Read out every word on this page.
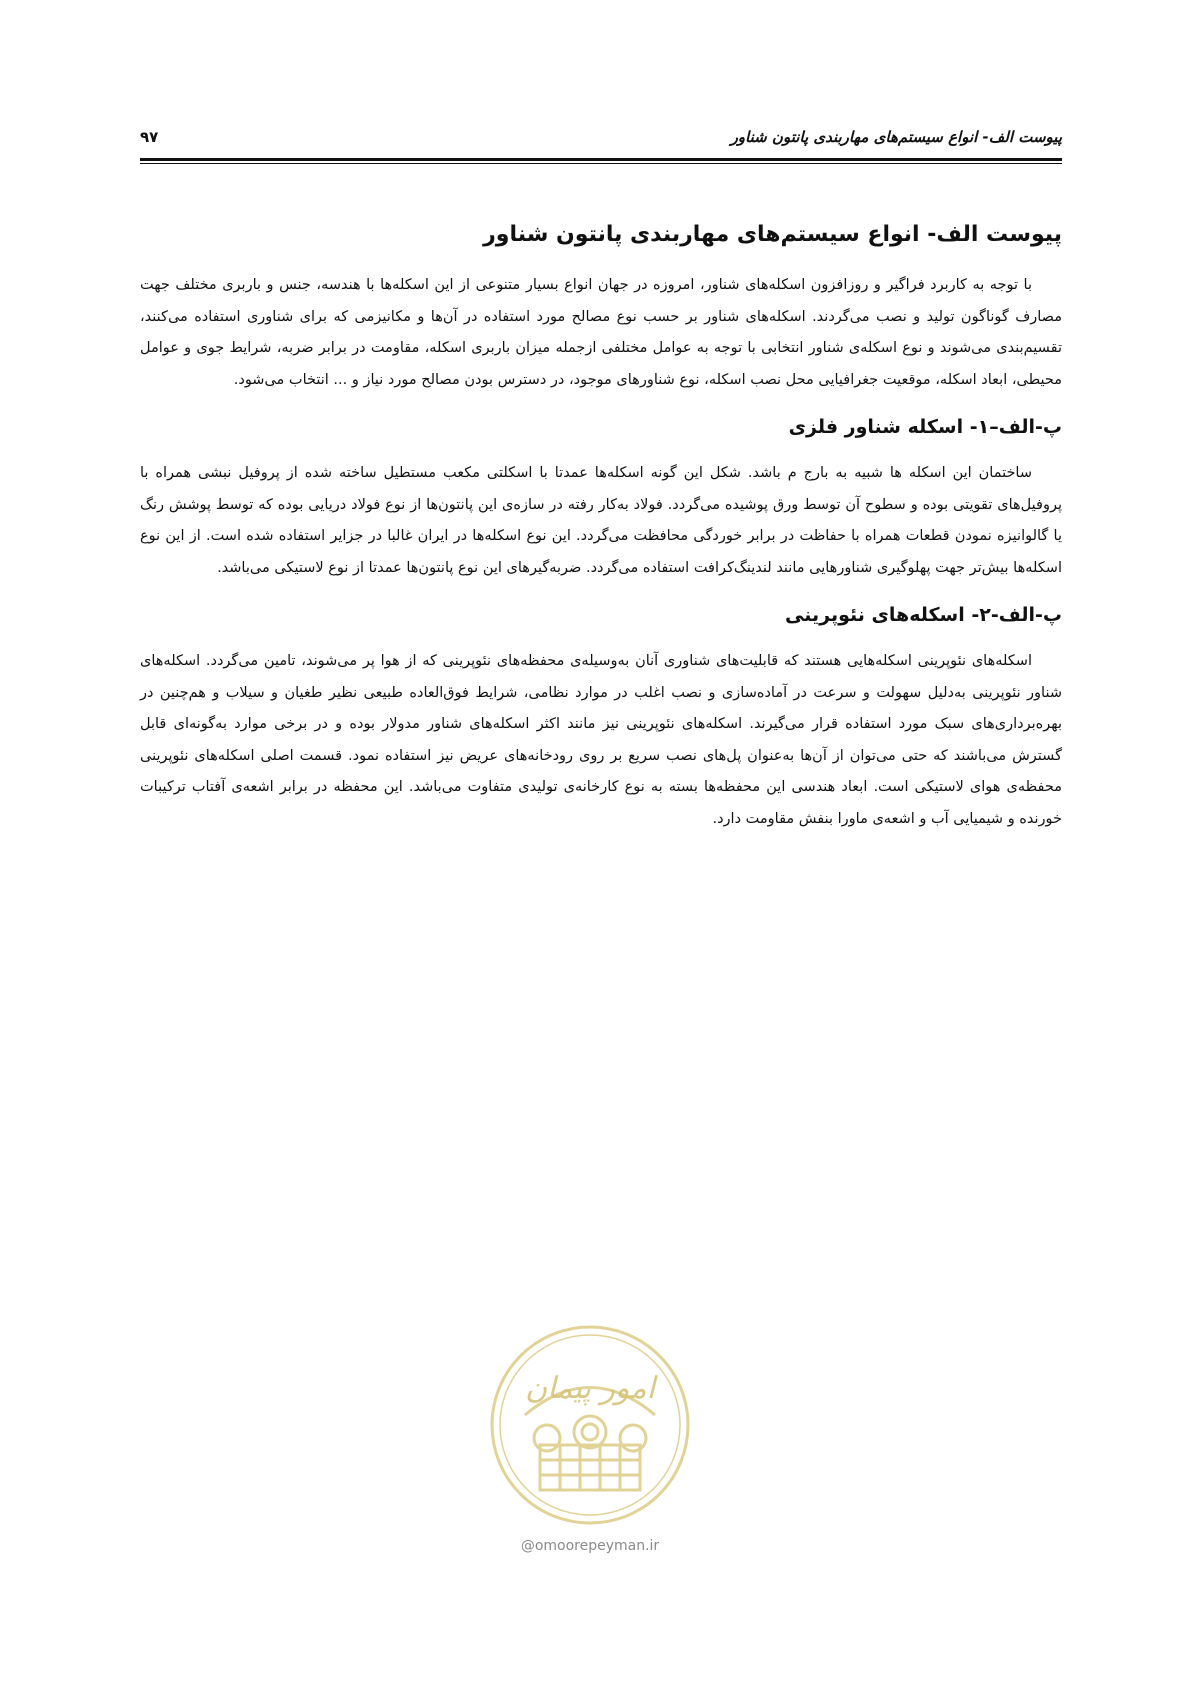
پیوست الف- انواع سیستم‌های مهاربندی پانتون شناور
۹۷
پیوست الف- انواع سیستم‌های مهاربندی پانتون شناور

با توجه به کاربرد فراگیر و روزافزون اسکله‌های شناور، امروزه در جهان انواع بسیار متنوعی از این اسکله‌ها با هندسه، جنس و باربری مختلف جهت مصارف گوناگون تولید و نصب می‌گردند. اسکله‌های شناور بر حسب نوع مصالح مورد استفاده در آن‌ها و مکانیزمی که برای شناوری استفاده می‌کنند، تقسیم‌بندی می‌شوند و نوع اسکله‌ی شناور انتخابی با توجه به عوامل مختلفی ازجمله میزان باربری اسکله، مقاومت در برابر ضربه، شرایط جوی و عوامل محیطی، ابعاد اسکله، موقعیت جغرافیایی محل نصب اسکله، نوع شناورهای موجود، در دسترس بودن مصالح مورد نیاز و ... انتخاب می‌شود.

پ-الف–۱- اسکله شناور فلزی

ساختمان این اسکله ها شبیه به بارج م باشد. شکل این گونه اسکله‌ها عمدتا با اسکلتی مکعب مستطیل ساخته شده از پروفیل نبشی همراه با پروفیل‌های تقویتی بوده و سطوح آن توسط ورق پوشیده می‌گردد. فولاد به‌کار رفته در سازه‌ی این پانتون‌ها از نوع فولاد دریایی بوده که توسط پوشش رنگ یا گالوانیزه نمودن قطعات همراه با حفاظت در برابر خوردگی محافظت می‌گردد. این نوع اسکله‌ها در ایران غالبا در جزایر استفاده شده است. از این نوع اسکله‌ها بیش‌تر جهت پهلوگیری شناورهایی مانند لندینگ‌کرافت استفاده می‌گردد. ضربه‌گیرهای این نوع پانتون‌ها عمدتا از نوع لاستیکی می‌باشد.

پ-الف-۲- اسکله‌های نئوپرینی

اسکله‌های نئوپرینی اسکله‌هایی هستند که قابلیت‌های شناوری آنان به‌وسیله‌ی محفظه‌های نئوپرینی که از هوا پر می‌شوند، تامین می‌گردد. اسکله‌های شناور نئوپرینی به‌دلیل سهولت و سرعت در آماده‌سازی و نصب اغلب در موارد نظامی، شرایط فوق‌العاده طبیعی نظیر طغیان و سیلاب و هم‌چنین در بهره‌برداری‌های سبک مورد استفاده قرار می‌گیرند. اسکله‌های نئوپرینی نیز مانند اکثر اسکله‌های شناور مدولار بوده و در برخی موارد به‌گونه‌ای قابل گسترش می‌باشند که حتی می‌توان از آن‌ها به‌عنوان پل‌های نصب سریع بر روی رودخانه‌های عریض نیز استفاده نمود. قسمت اصلی اسکله‌های نئوپرینی محفظه‌ی هوای لاستیکی است. ابعاد هندسی این محفظه‌ها بسته به نوع کارخانه‌ی تولیدی متفاوت می‌باشد. این محفظه در برابر اشعه‌ی آفتاب ترکیبات خورنده و شیمیایی آب و اشعه‌ی ماورا بنفش مقاومت دارد.

امور پیمان
@omoorepeyman.ir
